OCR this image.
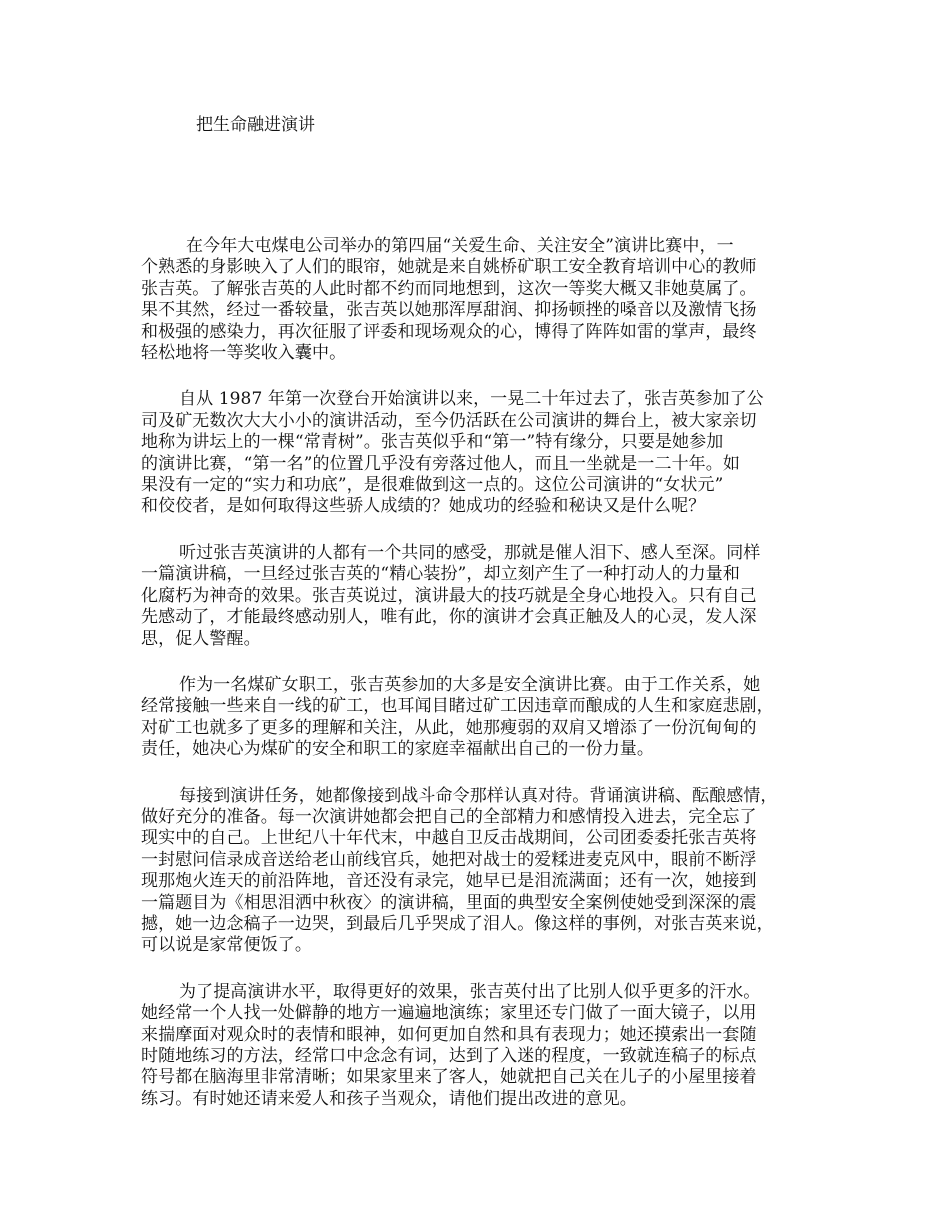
把生命融进演讲
在今年大屯煤电公司举办的第四届“关爱生命、关注安全”演讲比赛中，一
个熟悉的身影映入了人们的眼帘，她就是来自姚桥矿职工安全教育培训中心的教师
张吉英。了解张吉英的人此时都不约而同地想到，这次一等奖大概又非她莫属了。
果不其然，经过一番较量，张吉英以她那浑厚甜润、抑扬顿挫的嗓音以及激情飞扬
和极强的感染力，再次征服了评委和现场观众的心，博得了阵阵如雷的掌声，最终
轻松地将一等奖收入囊中。
自从 1987 年第一次登台开始演讲以来，一晃二十年过去了，张吉英参加了公
司及矿无数次大大小小的演讲活动，至今仍活跃在公司演讲的舞台上，被大家亲切
地称为讲坛上的一棵“常青树”。张吉英似乎和“第一”特有缘分，只要是她参加
的演讲比赛，“第一名”的位置几乎没有旁落过他人，而且一坐就是一二十年。如
果没有一定的“实力和功底”，是很难做到这一点的。这位公司演讲的“女状元”
和佼佼者，是如何取得这些骄人成绩的？她成功的经验和秘诀又是什么呢？
听过张吉英演讲的人都有一个共同的感受，那就是催人泪下、感人至深。同样
一篇演讲稿，一旦经过张吉英的“精心装扮”，却立刻产生了一种打动人的力量和
化腐朽为神奇的效果。张吉英说过，演讲最大的技巧就是全身心地投入。只有自己
先感动了，才能最终感动别人，唯有此，你的演讲才会真正触及人的心灵，发人深
思，促人警醒。
作为一名煤矿女职工，张吉英参加的大多是安全演讲比赛。由于工作关系，她
经常接触一些来自一线的矿工，也耳闻目睹过矿工因违章而酿成的人生和家庭悲剧，
对矿工也就多了更多的理解和关注，从此，她那瘦弱的双肩又增添了一份沉甸甸的
责任，她决心为煤矿的安全和职工的家庭幸福献出自己的一份力量。
每接到演讲任务，她都像接到战斗命令那样认真对待。背诵演讲稿、酝酿感情，
做好充分的准备。每一次演讲她都会把自己的全部精力和感情投入进去，完全忘了
现实中的自己。上世纪八十年代末，中越自卫反击战期间，公司团委委托张吉英将
一封慰问信录成音送给老山前线官兵，她把对战士的爱糅进麦克风中，眼前不断浮
现那炮火连天的前沿阵地，音还没有录完，她早已是泪流满面；还有一次，她接到
一篇题目为《相思泪洒中秋夜〉的演讲稿，里面的典型安全案例使她受到深深的震
撼，她一边念稿子一边哭，到最后几乎哭成了泪人。像这样的事例，对张吉英来说，
可以说是家常便饭了。
为了提高演讲水平，取得更好的效果，张吉英付出了比别人似乎更多的汗水。
她经常一个人找一处僻静的地方一遍遍地演练；家里还专门做了一面大镜子，以用
来揣摩面对观众时的表情和眼神，如何更加自然和具有表现力；她还摸索出一套随
时随地练习的方法，经常口中念念有词，达到了入迷的程度，一致就连稿子的标点
符号都在脑海里非常清晰；如果家里来了客人，她就把自己关在儿子的小屋里接着
练习。有时她还请来爱人和孩子当观众，请他们提出改进的意见。
